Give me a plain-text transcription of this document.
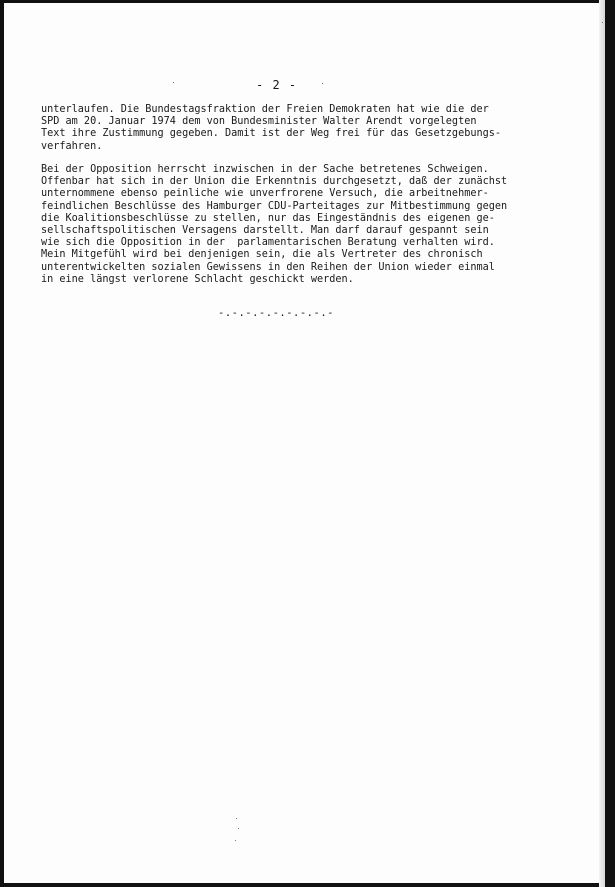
- 2 -
unterlaufen. Die Bundestagsfraktion der Freien Demokraten hat wie die der
SPD am 20. Januar 1974 dem von Bundesminister Walter Arendt vorgelegten
Text ihre Zustimmung gegeben. Damit ist der Weg frei für das Gesetzgebungs-
verfahren.
Bei der Opposition herrscht inzwischen in der Sache betretenes Schweigen.
Offenbar hat sich in der Union die Erkenntnis durchgesetzt, daß der zunächst
unternommene ebenso peinliche wie unverfrorene Versuch, die arbeitnehmer-
feindlichen Beschlüsse des Hamburger CDU-Parteitages zur Mitbestimmung gegen
die Koalitionsbeschlüsse zu stellen, nur das Eingeständnis des eigenen ge-
sellschaftspolitischen Versagens darstellt. Man darf darauf gespannt sein
wie sich die Opposition in der  parlamentarischen Beratung verhalten wird.
Mein Mitgefühl wird bei denjenigen sein, die als Vertreter des chronisch
unterentwickelten sozialen Gewissens in den Reihen der Union wieder einmal
in eine längst verlorene Schlacht geschickt werden.
-.-.-.-.-.-.-.-.-
